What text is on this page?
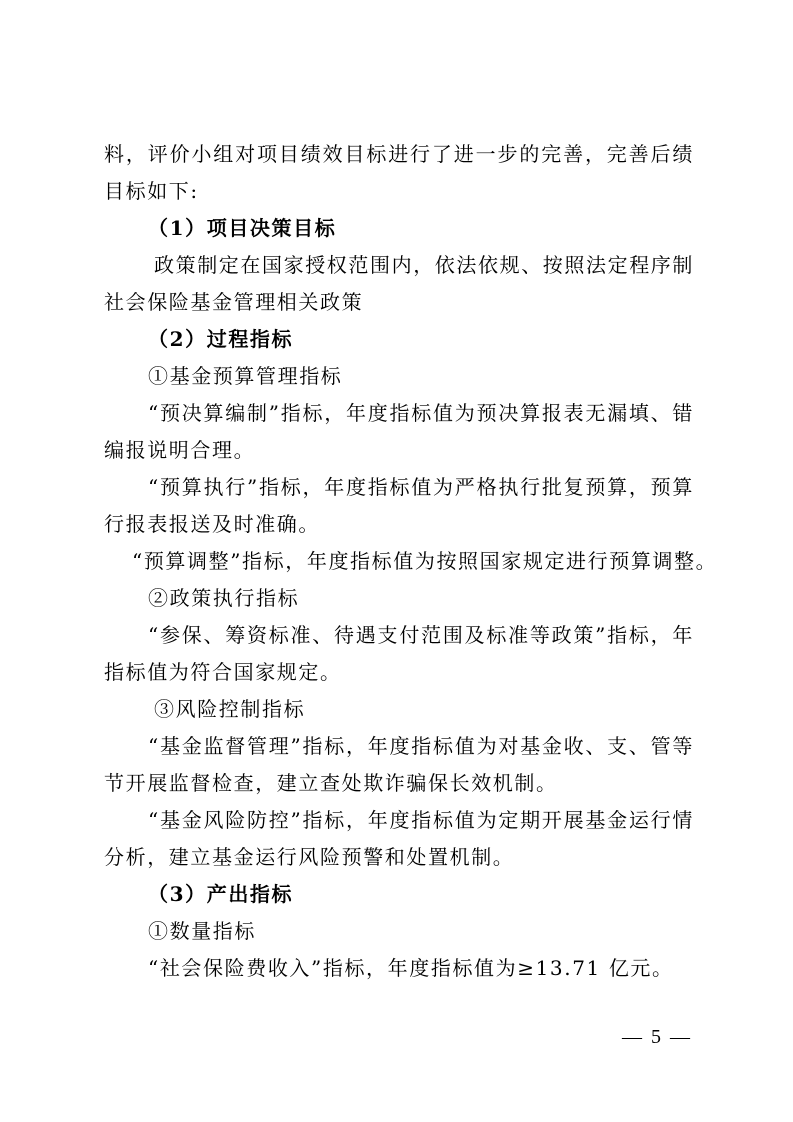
料，评价小组对项目绩效目标进行了进一步的完善，完善后绩
目标如下:
（1）项目决策目标
政策制定在国家授权范围内，依法依规、按照法定程序制
社会保险基金管理相关政策
（2）过程指标
①基金预算管理指标
“预决算编制”指标，年度指标值为预决算报表无漏填、错
编报说明合理。
“预算执行”指标，年度指标值为严格执行批复预算，预算
行报表报送及时准确。
“预算调整”指标，年度指标值为按照国家规定进行预算调整。
②政策执行指标
“参保、筹资标准、待遇支付范围及标准等政策”指标，年
指标值为符合国家规定。
③风险控制指标
“基金监督管理”指标，年度指标值为对基金收、支、管等
节开展监督检查，建立查处欺诈骗保长效机制。
“基金风险防控”指标，年度指标值为定期开展基金运行情
分析，建立基金运行风险预警和处置机制。
（3）产出指标
①数量指标
“社会保险费收入”指标，年度指标值为≥13.71 亿元。
— 5 —
